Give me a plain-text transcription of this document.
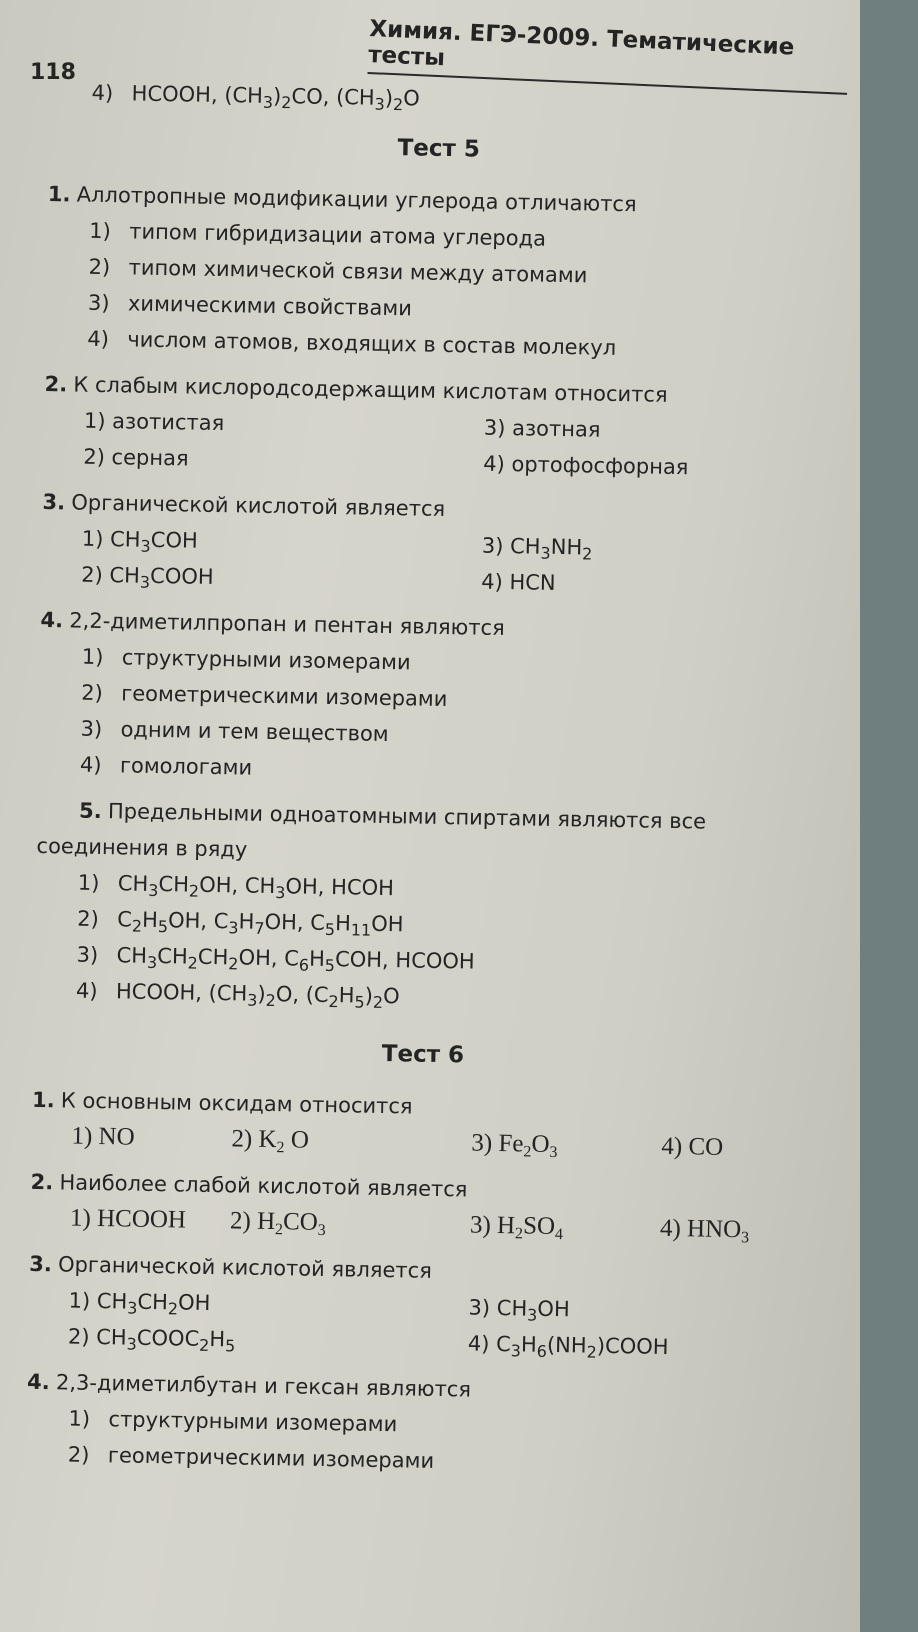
Химия. ЕГЭ-2009. Тематические тесты
118
4) HCOOH, $(CH_3)_2CO$, $(CH_3)_2O$
Тест 5
1. Аллотропные модификации углерода отличаются
1) типом гибридизации атома углерода
2) типом химической связи между атомами
3) химическими свойствами
4) числом атомов, входящих в состав молекул
2. К слабым кислородсодержащим кислотам относится
1) азотистая	3) азотная
2) серная	4) ортофосфорная
3. Органической кислотой является
1) $CH_3COH$	3) $CH_3NH_2$
2) $CH_3COOH$	4) HCN
4. 2,2-диметилпропан и пентан являются
1) структурными изомерами
2) геометрическими изомерами
3) одним и тем веществом
4) гомологами
5. Предельными одноатомными спиртами являются все
соединения в ряду
1) $CH_3CH_2OH$, $CH_3OH$, HCOH
2) $C_2H_5OH$, $C_3H_7OH$, $C_5H_{11}OH$
3) $CH_3CH_2CH_2OH$, $C_6H_5COH$, HCOOH
4) HCOOH, $(CH_3)_2O$, $(C_2H_5)_2O$
Тест 6
1. К основным оксидам относится
1) NO	2) $K_2$ O	3) $Fe_2O_3$	4) CO
2. Наиболее слабой кислотой является
1) HCOOH	2) $H_2CO_3$	3) $H_2SO_4$	4) $HNO_3$
3. Органической кислотой является
1) $CH_3CH_2OH$	3) $CH_3OH$
2) $CH_3COOC_2H_5$	4) $C_3H_6(NH_2)COOH$
4. 2,3-диметилбутан и гексан являются
1) структурными изомерами
2) геометрическими изомерами
